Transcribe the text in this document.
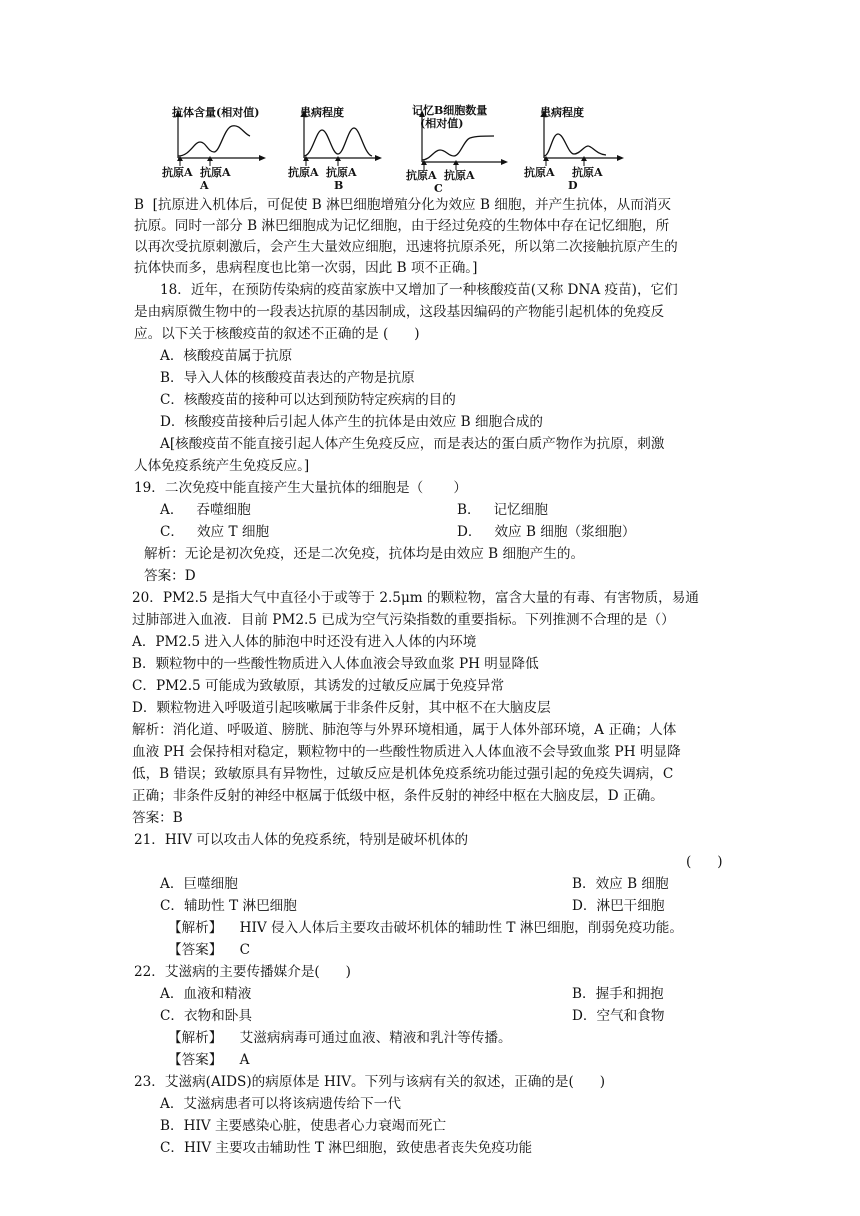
抗体含量(相对值)
抗原A 抗原A
A
患病程度
抗原A 抗原A
B
记忆B细胞数量
(相对值)
抗原A 抗原A
C
患病程度
抗原A 抗原A
D
B  [抗原进入机体后，可促使 B 淋巴细胞增殖分化为效应 B 细胞，并产生抗体，从而消灭
抗原。同时一部分 B 淋巴细胞成为记忆细胞，由于经过免疫的生物体中存在记忆细胞，所
以再次受抗原刺激后，会产生大量效应细胞，迅速将抗原杀死，所以第二次接触抗原产生的
抗体快而多，患病程度也比第一次弱，因此 B 项不正确。]
18．近年，在预防传染病的疫苗家族中又增加了一种核酸疫苗(又称 DNA 疫苗)，它们
是由病原微生物中的一段表达抗原的基因制成，这段基因编码的产物能引起机体的免疫反
应。以下关于核酸疫苗的叙述不正确的是 (      )
A．核酸疫苗属于抗原
B．导入人体的核酸疫苗表达的产物是抗原
C．核酸疫苗的接种可以达到预防特定疾病的目的
D．核酸疫苗接种后引起人体产生的抗体是由效应 B 细胞合成的
A[核酸疫苗不能直接引起人体产生免疫反应，而是表达的蛋白质产物作为抗原，刺激
人体免疫系统产生免疫反应。]
19．二次免疫中能直接产生大量抗体的细胞是（       ）
A．   吞噬细胞	B．   记忆细胞
C．   效应 T 细胞	D．   效应 B 细胞（浆细胞）
解析：无论是初次免疫，还是二次免疫，抗体均是由效应 B 细胞产生的。
答案：D
20．PM2.5 是指大气中直径小于或等于 2.5μm 的颗粒物，富含大量的有毒、有害物质，易通
过肺部进入血液．目前 PM2.5 已成为空气污染指数的重要指标。下列推测不合理的是（）
A．PM2.5 进入人体的肺泡中时还没有进入人体的内环境
B．颗粒物中的一些酸性物质进入人体血液会导致血浆 PH 明显降低
C．PM2.5 可能成为致敏原，其诱发的过敏反应属于免疫异常
D．颗粒物进入呼吸道引起咳嗽属于非条件反射，其中枢不在大脑皮层
解析：消化道、呼吸道、膀胱、肺泡等与外界环境相通，属于人体外部环境，A 正确；人体
血液 PH 会保持相对稳定，颗粒物中的一些酸性物质进入人体血液不会导致血浆 PH 明显降
低，B 错误；致敏原具有异物性，过敏反应是机体免疫系统功能过强引起的免疫失调病，C
正确；非条件反射的神经中枢属于低级中枢，条件反射的神经中枢在大脑皮层，D 正确。
答案：B
21．HIV 可以攻击人体的免疫系统，特别是破坏机体的
(      )
A．巨噬细胞	B．效应 B 细胞
C．辅助性 T 淋巴细胞	D．淋巴干细胞
【解析】    HIV 侵入人体后主要攻击破坏机体的辅助性 T 淋巴细胞，削弱免疫功能。
【答案】    C
22．艾滋病的主要传播媒介是(      )
A．血液和精液	B．握手和拥抱
C．衣物和卧具	D．空气和食物
【解析】    艾滋病病毒可通过血液、精液和乳汁等传播。
【答案】    A
23．艾滋病(AIDS)的病原体是 HIV。下列与该病有关的叙述，正确的是(      )
A．艾滋病患者可以将该病遗传给下一代
B．HIV 主要感染心脏，使患者心力衰竭而死亡
C．HIV 主要攻击辅助性 T 淋巴细胞，致使患者丧失免疫功能
